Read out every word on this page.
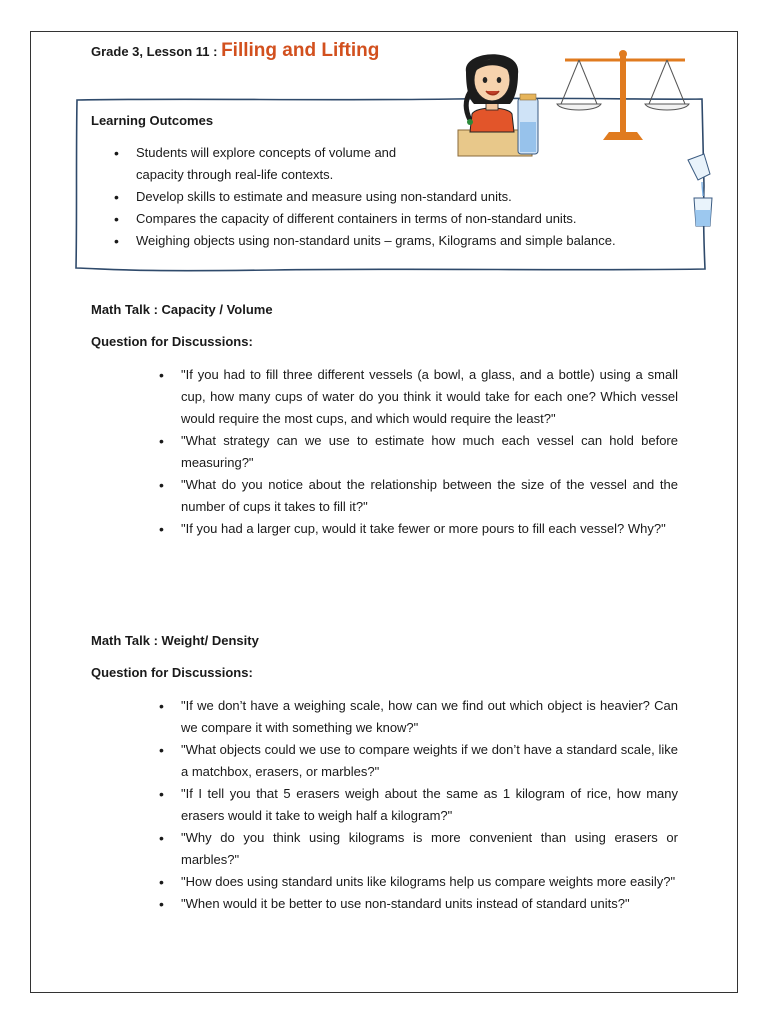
Grade 3, Lesson 11 : Filling and Lifting
Learning Outcomes
• Students will explore concepts of volume and capacity through real-life contexts.
• Develop skills to estimate and measure using non-standard units.
• Compares the capacity of different containers in terms of non-standard units.
• Weighing objects using non-standard units – grams, Kilograms and simple balance.
Math Talk : Capacity / Volume
Question for Discussions:
• "If you had to fill three different vessels (a bowl, a glass, and a bottle) using a small cup, how many cups of water do you think it would take for each one? Which vessel would require the most cups, and which would require the least?"
• "What strategy can we use to estimate how much each vessel can hold before measuring?"
• "What do you notice about the relationship between the size of the vessel and the number of cups it takes to fill it?"
• "If you had a larger cup, would it take fewer or more pours to fill each vessel? Why?"
Math Talk : Weight/ Density
Question for Discussions:
• "If we don’t have a weighing scale, how can we find out which object is heavier? Can we compare it with something we know?"
• "What objects could we use to compare weights if we don’t have a standard scale, like a matchbox, erasers, or marbles?"
• "If I tell you that 5 erasers weigh about the same as 1 kilogram of rice, how many erasers would it take to weigh half a kilogram?"
• "Why do you think using kilograms is more convenient than using erasers or marbles?"
• "How does using standard units like kilograms help us compare weights more easily?"
• "When would it be better to use non-standard units instead of standard units?"
